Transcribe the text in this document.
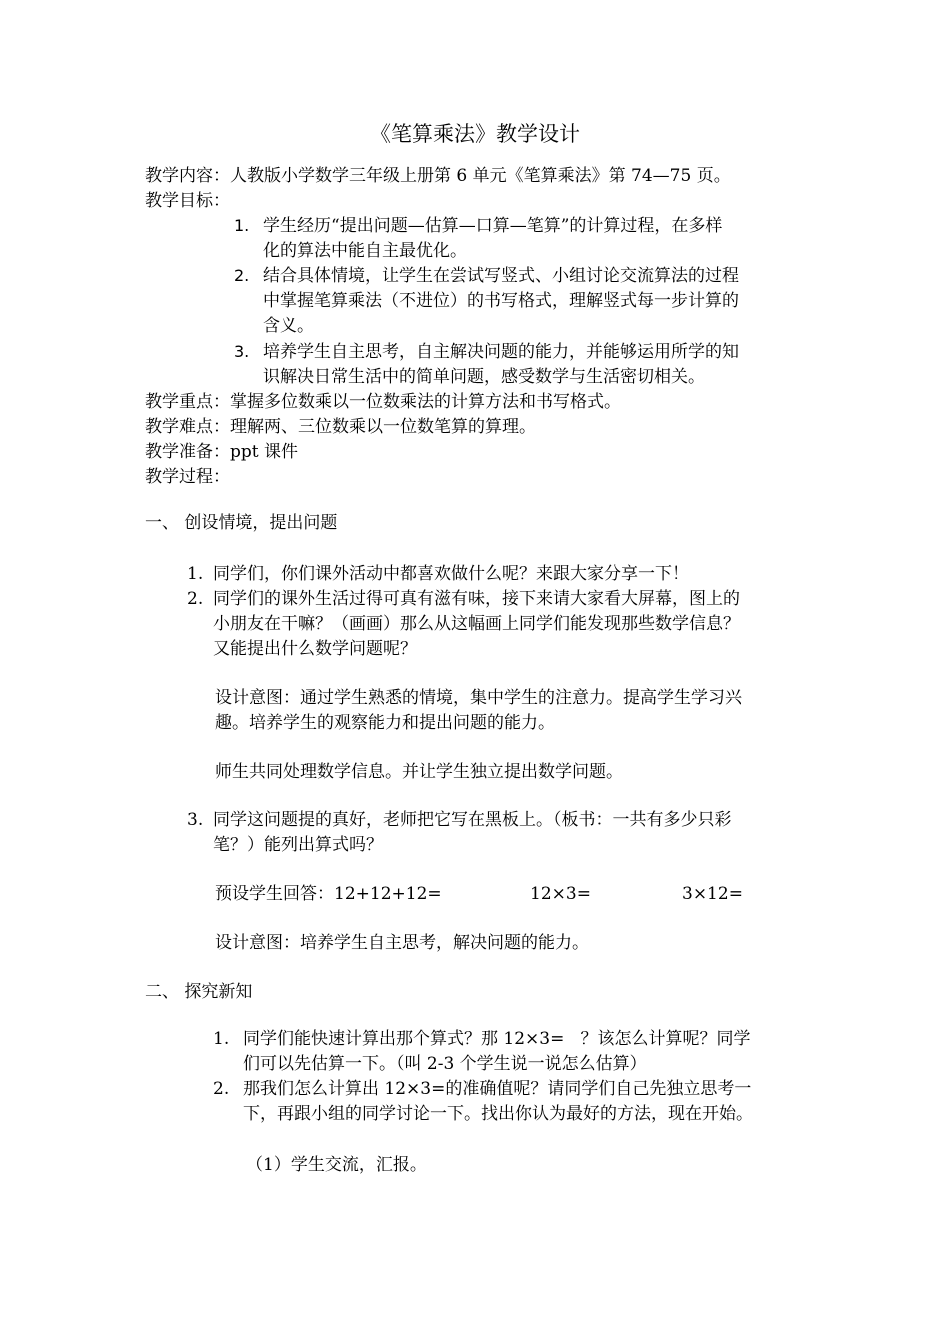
《笔算乘法》教学设计
教学内容：人教版小学数学三年级上册第 6 单元《笔算乘法》第 74—75 页。
教学目标：
1. 学生经历“提出问题—估算—口算—笔算”的计算过程，在多样
化的算法中能自主最优化。
2. 结合具体情境，让学生在尝试写竖式、小组讨论交流算法的过程
中掌握笔算乘法（不进位）的书写格式，理解竖式每一步计算的
含义。
3. 培养学生自主思考，自主解决问题的能力，并能够运用所学的知
识解决日常生活中的简单问题，感受数学与生活密切相关。
教学重点：掌握多位数乘以一位数乘法的计算方法和书写格式。
教学难点：理解两、三位数乘以一位数笔算的算理。
教学准备：ppt 课件
教学过程：
一、 创设情境，提出问题
1. 同学们，你们课外活动中都喜欢做什么呢？来跟大家分享一下！
2. 同学们的课外生活过得可真有滋有味，接下来请大家看大屏幕，图上的
小朋友在干嘛？（画画）那么从这幅画上同学们能发现那些数学信息？
又能提出什么数学问题呢？
设计意图：通过学生熟悉的情境，集中学生的注意力。提高学生学习兴
趣。培养学生的观察能力和提出问题的能力。
师生共同处理数学信息。并让学生独立提出数学问题。
3. 同学这问题提的真好，老师把它写在黑板上。（板书：一共有多少只彩
笔？）能列出算式吗？
预设学生回答：12+12+12=	12×3=	3×12=
设计意图：培养学生自主思考，解决问题的能力。
二、 探究新知
1. 同学们能快速计算出那个算式？那 12×3=   ？该怎么计算呢？同学
们可以先估算一下。（叫 2-3 个学生说一说怎么估算）
2. 那我们怎么计算出 12×3=的准确值呢？请同学们自己先独立思考一
下，再跟小组的同学讨论一下。找出你认为最好的方法，现在开始。
（1）学生交流，汇报。
